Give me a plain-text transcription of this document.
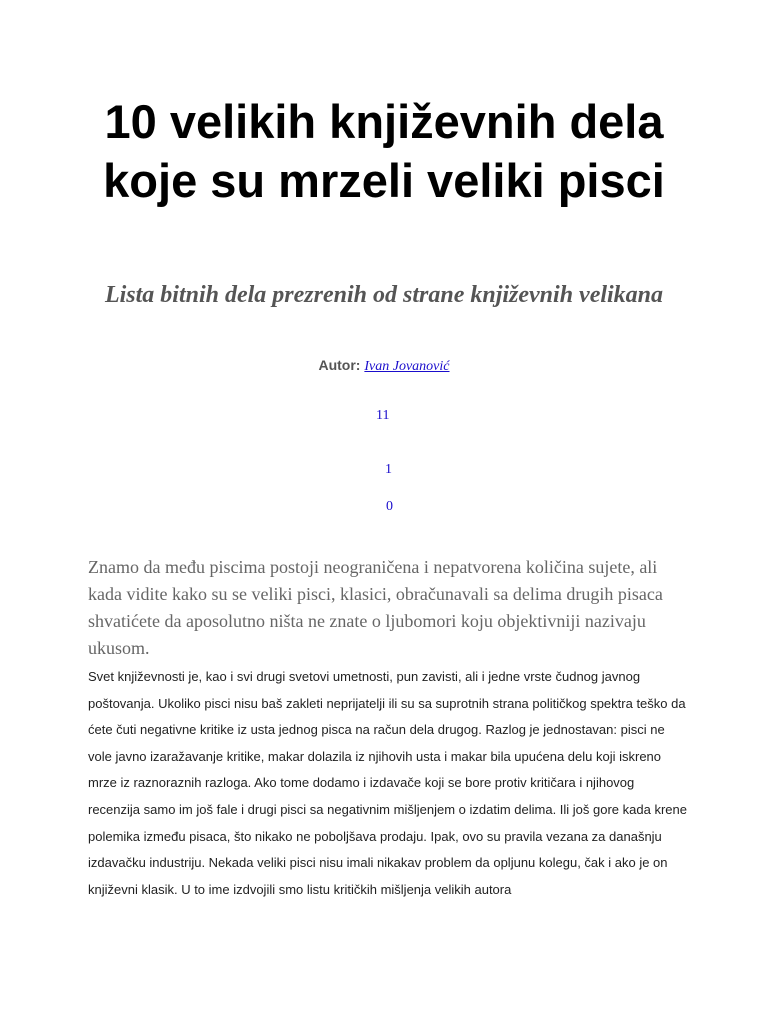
10 velikih književnih dela koje su mrzeli veliki pisci
Lista bitnih dela prezrenih od strane književnih velikana
Autor: Ivan Jovanović
11
1
0

Znamo da među piscima postoji neograničena i nepatvorena količina sujete, ali kada vidite kako su se veliki pisci, klasici, obračunavali sa delima drugih pisaca shvatićete da aposolutno ništa ne znate o ljubomori koju objektivniji nazivaju ukusom.

Svet književnosti je, kao i svi drugi svetovi umetnosti, pun zavisti, ali i jedne vrste čudnog javnog poštovanja. Ukoliko pisci nisu baš zakleti neprijatelji ili su sa suprotnih strana političkog spektra teško da ćete čuti negativne kritike iz usta jednog pisca na račun dela drugog. Razlog je jednostavan: pisci ne vole javno izaražavanje kritike, makar dolazila iz njihovih usta i makar bila upućena delu koji iskreno mrze iz raznoraznih razloga. Ako tome dodamo i izdavače koji se bore protiv kritičara i njihovog recenzija samo im još fale i drugi pisci sa negativnim mišljenjem o izdatim delima. Ili još gore kada krene polemika između pisaca, što nikako ne poboljšava prodaju. Ipak, ovo su pravila vezana za današnju izdavačku industriju. Nekada veliki pisci nisu imali nikakav problem da opljunu kolegu, čak i ako je on književni klasik. U to ime izdvojili smo listu kritičkih mišljenja velikih autora
